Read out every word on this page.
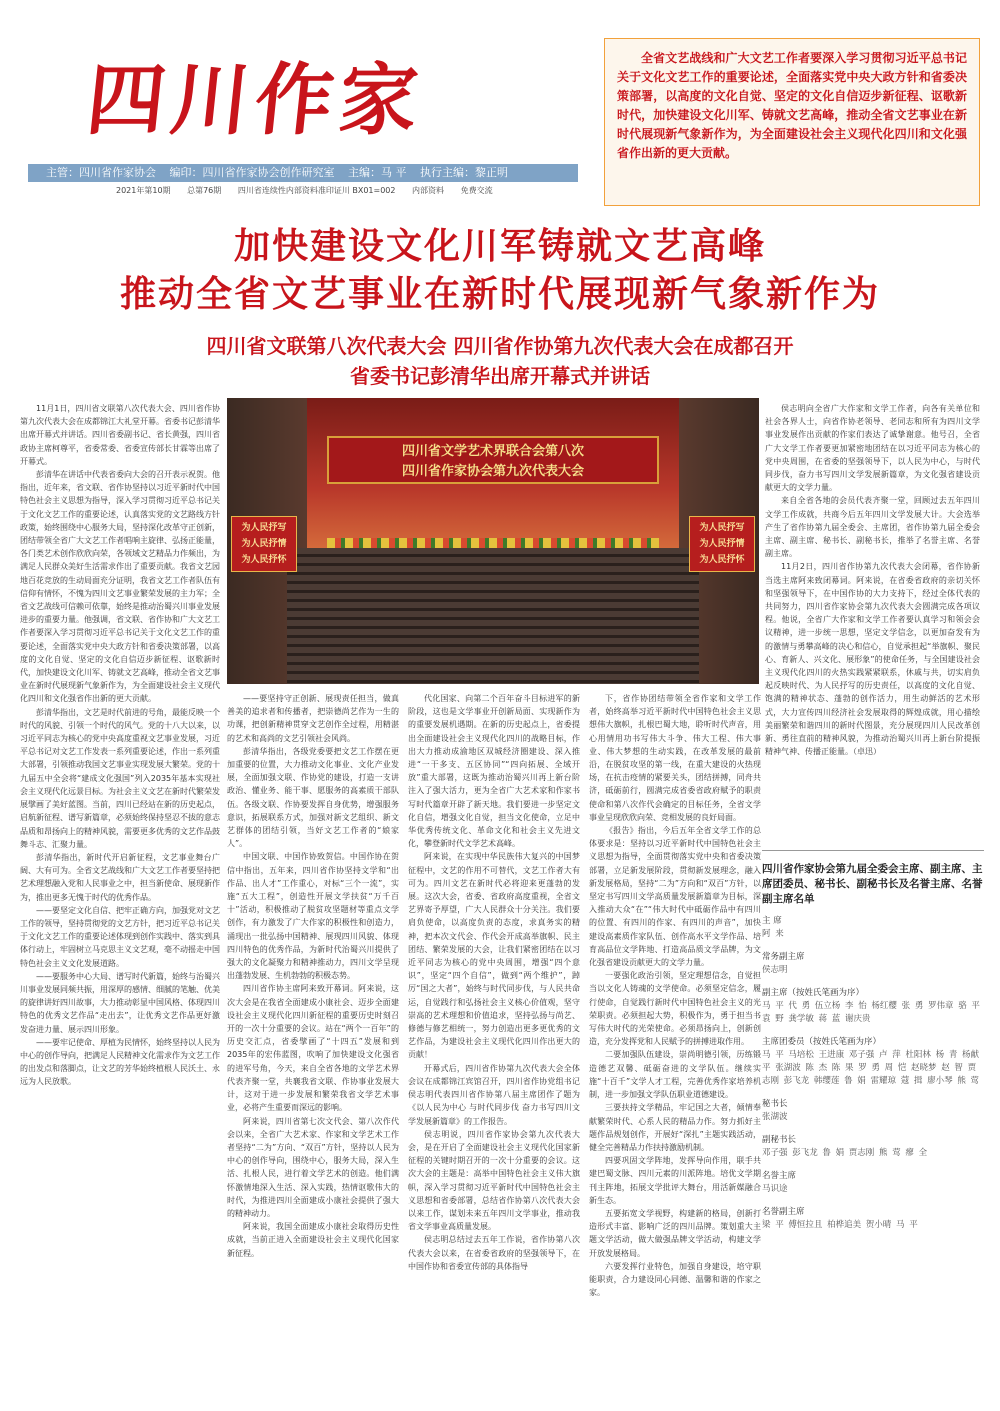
四川作家
主管：四川省作家协会 编印：四川省作家协会创作研究室 主编：马 平 执行主编：黎正明
2021年第10期 总第76期 四川省连续性内部资料准印证川 BX01=002 内部资料 免费交流

全省文艺战线和广大文艺工作者要深入学习贯彻习近平总书记关于文化文艺工作的重要论述，全面落实党中央大政方针和省委决策部署，以高度的文化自觉、坚定的文化自信迈步新征程、讴歌新时代，加快建设文化川军、铸就文艺高峰，推动全省文艺事业在新时代展现新气象新作为，为全面建设社会主义现代化四川和文化强省作出新的更大贡献。

加快建设文化川军铸就文艺高峰
推动全省文艺事业在新时代展现新气象新作为
四川省文联第八次代表大会 四川省作协第九次代表大会在成都召开
省委书记彭清华出席开幕式并讲话

11月1日，四川省文联第八次代表大会、四川省作协第九次代表大会在成都锦江大礼堂开幕。省委书记彭清华出席开幕式并讲话。四川省委副书记、省长黄强，四川省政协主席柯尊平，省委常委、省委宣传部长甘霖等出席了开幕式。

彭清华在讲话中代表省委向大会的召开表示祝贺。他指出，近年来，省文联、省作协坚持以习近平新时代中国特色社会主义思想为指导，深入学习贯彻习近平总书记关于文化文艺工作的重要论述，认真落实党的文艺路线方针政策，始终围绕中心服务大局，坚持深化改革守正创新，团结带领全省广大文艺工作者唱响主旋律、弘扬正能量，各门类艺术创作欣欣向荣，各领域文艺精品力作频出，为满足人民群众美好生活需求作出了重要贡献。我省文艺园地百花竞放的生动局面充分证明，我省文艺工作者队伍有信仰有情怀，不愧为四川文艺事业繁荣发展的主力军；全省文艺战线可信赖可依靠，始终是推动治蜀兴川事业发展进步的重要力量。他强调，省文联、省作协和广大文艺工作者要深入学习贯彻习近平总书记关于文化文艺工作的重要论述，全面落实党中央大政方针和省委决策部署，以高度的文化自觉、坚定的文化自信迈步新征程、讴歌新时代，加快建设文化川军、铸就文艺高峰，推动全省文艺事业在新时代展现新气象新作为，为全面建设社会主义现代化四川和文化强省作出新的更大贡献。

彭清华指出，文艺是时代前进的号角，最能反映一个时代的风貌、引领一个时代的风气。党的十八大以来，以习近平同志为核心的党中央高度重视文艺事业发展，习近平总书记对文艺工作发表一系列重要论述，作出一系列重大部署，引领推动我国文艺事业实现发展大繁荣。党的十九届五中全会将“建成文化强国”列入2035年基本实现社会主义现代化远景目标。为社会主义文艺在新时代繁荣发展擘画了美好蓝图。当前，四川已经站在新的历史起点，启航新征程、谱写新篇章，必须始终保持坚忍不拔的意志品质和昂扬向上的精神风貌，需要更多优秀的文艺作品鼓舞斗志、汇聚力量。

彭清华指出，新时代开启新征程，文艺事业舞台广阔、大有可为。全省文艺战线和广大文艺工作者要坚持把艺术理想融入党和人民事业之中，担当新使命、展现新作为，推出更多无愧于时代的优秀作品。

——要坚定文化自信、把牢正确方向，加强党对文艺工作的领导，坚持贯彻党的文艺方针，把习近平总书记关于文化文艺工作的重要论述体现到创作实践中、落实到具体行动上，牢固树立马克思主义文艺观，毫不动摇走中国特色社会主义文化发展道路。

——要服务中心大局、谱写时代新篇，始终与治蜀兴川事业发展同频共振，用深厚的感情、细腻的笔触、优美的旋律讲好四川故事，大力推动彰显中国风格、体现四川特色的优秀文艺作品“走出去”，让优秀文艺作品更好激发奋进力量、展示四川形象。

——要牢记使命、厚植为民情怀，始终坚持以人民为中心的创作导向，把满足人民精神文化需求作为文艺工作的出发点和落脚点，让文艺的芳华始终植根人民沃土、永远为人民放歌。

四川省文学艺术界联合会第八次
四川省作家协会第九次代表大会
为人民抒写
为人民抒情
为人民抒怀
为人民抒写
为人民抒情
为人民抒怀

——要坚持守正创新、展现责任担当，做真善美的追求者和传播者，把崇德尚艺作为一生的功课，把创新精神贯穿文艺创作全过程，用精湛的艺术和高尚的文艺引领社会风尚。

彭清华指出，各级党委要把文艺工作摆在更加重要的位置，大力推动文化事业、文化产业发展，全面加强文联、作协党的建设，打造一支讲政治、懂业务、能干事、愿服务的高素质干部队伍。各级文联、作协要发挥自身优势，增强服务意识，拓展联系方式，加强对新文艺组织、新文艺群体的团结引领，当好文艺工作者的“娘家人”。

中国文联、中国作协致贺信。中国作协在贺信中指出，五年来，四川省作协坚持文学和“出作品、出人才”工作重心，对标“三个一流”，实施“五大工程”，创造性开展文学扶贫“万千百十”活动，积极推动了脱贫攻坚题材等重点文学创作，有力激发了广大作家的积极性和创造力，涌现出一批弘扬中国精神、展现四川风貌、体现四川特色的优秀作品，为新时代治蜀兴川提供了强大的文化凝聚力和精神推动力，四川文学呈现出蓬勃发展、生机勃勃的积极态势。

四川省作协主席阿来致开幕词。阿来说，这次大会是在我省全面建成小康社会、迈步全面建设社会主义现代化四川新征程的重要历史时刻召开的一次十分重要的会议。站在“两个一百年”的历史交汇点，省委擘画了“十四五”发展和到2035年的宏伟蓝图，吹响了加快建设文化强省的进军号角，今天，来自全省各地的文学艺术界代表齐聚一堂，共襄我省文联、作协事业发展大计，这对于进一步发展和繁荣我省文学艺术事业，必将产生重要而深远的影响。

阿来说，四川省第七次文代会、第八次作代会以来，全省广大艺术家、作家和文学艺术工作者坚持“二为”方向、“双百”方针，坚持以人民为中心的创作导向，围绕中心，服务大局，深入生活、扎根人民，进行着文学艺术的创造。他们满怀激情地深入生活、深入实践，热情讴歌伟大的时代，为推进四川全面建成小康社会提供了强大的精神动力。

阿来说，我国全面建成小康社会取得历史性成就，当前正进入全面建设社会主义现代化国家新征程。

代化国家、向第二个百年奋斗目标进军的新阶段，这也是文学事业开创新局面、实现新作为的重要发展机遇期。在新的历史起点上，省委提出全面建设社会主义现代化四川的战略目标，作出大力推动成渝地区双城经济圈建设、深入推进“一干多支、五区协同”“四向拓展、全域开放”重大部署，这既为推动治蜀兴川再上新台阶注入了强大活力，更为全省广大艺术家和作家书写时代篇章开辟了新天地。我们要进一步坚定文化自信，增强文化自觉，担当文化使命，立足中华优秀传统文化、革命文化和社会主义先进文化，攀登新时代文学艺术高峰。

阿来说，在实现中华民族伟大复兴的中国梦征程中，文艺的作用不可替代，文艺工作者大有可为。四川文艺在新时代必将迎来更蓬勃的发展。这次大会，省委、省政府高度重视，全省文艺界寄予厚望，广大人民群众十分关注。我们要肩负使命，以高度负责的态度，求真务实的精神，把本次文代会、作代会开成高举旗帜、民主团结、繁荣发展的大会，让我们紧密团结在以习近平同志为核心的党中央周围，增强“四个意识”，坚定“四个自信”，做到“两个维护”，踔厉“国之大者”，始终与时代同步伐，与人民共命运，自觉践行和弘扬社会主义核心价值观，坚守崇高的艺术理想和价值追求，坚持弘扬与尚艺、修德与修艺相统一，努力创造出更多更优秀的文艺作品，为建设社会主义现代化四川作出更大的贡献！

开幕式后，四川省作协第九次代表大会全体会议在成都锦江宾馆召开，四川省作协党组书记侯志明代表四川省作协第八届主席团作了题为《以人民为中心 与时代同步伐 奋力书写四川文学发展新篇章》的工作报告。

侯志明说，四川省作家协会第九次代表大会，是在开启了全面建设社会主义现代化国家新征程的关键时期召开的一次十分重要的会议。这次大会的主题是：高举中国特色社会主义伟大旗帜，深入学习贯彻习近平新时代中国特色社会主义思想和省委部署，总结省作协第八次代表大会以来工作，谋划未来五年四川文学事业，推动我省文学事业高质量发展。

侯志明总结过去五年工作说，省作协第八次代表大会以来，在省委省政府的坚强领导下，在中国作协和省委宣传部的具体指导

下，省作协团结带领全省作家和文学工作者，始终高举习近平新时代中国特色社会主义思想伟大旗帜，扎根巴蜀大地，聆听时代声音，用心用情用功书写伟大斗争、伟大工程、伟大事业、伟大梦想的生动实践，在改革发展的最前沿，在脱贫攻坚的第一线，在重大建设的火热现场，在抗击疫情的紧要关头，团结拼搏，同舟共济，砥砺前行，圆满完成省委省政府赋予的职责使命和第八次作代会确定的目标任务，全省文学事业呈现欣欣向荣、竞相发展的良好局面。

《报告》指出，今后五年全省文学工作的总体要求是：坚持以习近平新时代中国特色社会主义思想为指导，全面贯彻落实党中央和省委决策部署，立足新发展阶段，贯彻新发展理念，融入新发展格局，坚持“二为”方向和“双百”方针，以坚定书写四川文学高质量发展新篇章为目标，深入推动大众“在”“伟大时代中砥砺作品中有四川的位置、有四川的作家、有四川的声音”，加快建设高素质作家队伍、创作高水平文学作品、培育高品位文学阵地、打造高品质文学品牌，为文化强省建设贡献更大的文学力量。

一要强化政治引领，坚定理想信念，自觉担当以文化人铸魂的文学使命。必须坚定信念，履行使命，自觉践行新时代中国特色社会主义的光荣职责。必须担起大势，积极作为，勇于担当书写伟大时代的光荣使命。必须昂扬向上，创新创造，充分发挥党和人民赋予的拼搏进取作用。

二要加强队伍建设，崇尚明德引领，历练锻造德艺双馨、砥砺奋进的文学队伍。继续实施“十百千”文学人才工程，完善优秀作家培养机制，进一步加强文学队伍职业道德建设。

三要扶持文学精品，牢记国之大者，倾情奉献繁荣时代、心系人民的精品力作。努力抓好主题作品规划创作，开展好“深扎”主题实践活动，健全完善精品力作扶持激励机制。

四要巩固文学阵地，发挥导向作用，联手共建巴蜀文脉、四川元素的川派阵地。培优文学期刊主阵地，拓展文学批评大舞台，用活新媒融合新生态。

五要拓宽文学视野，构建新的格局，创新打造形式丰富、影响广泛的四川品牌。策划重大主题文学活动，做大做强品牌文学活动，构建文学开放发展格局。

六要发挥行业特色，加强自身建设，培守职能职责，合力建设同心同德、温馨和谐的作家之家。

侯志明向全省广大作家和文学工作者，向各有关单位和社会各界人士，向省作协老领导、老同志和所有为四川文学事业发展作出贡献的作家们表达了诚挚谢意。他号召，全省广大文学工作者要更加紧密地团结在以习近平同志为核心的党中央周围，在省委的坚强领导下，以人民为中心，与时代同步伐，奋力书写四川文学发展新篇章，为文化强省建设贡献更大的文学力量。

来自全省各地的会员代表齐聚一堂，回顾过去五年四川文学工作成就，共商今后五年四川文学发展大计。大会选举产生了省作协第九届全委会、主席团，省作协第九届全委会主席、副主席、秘书长、副秘书长，推举了名誉主席、名誉副主席。

11月2日，四川省作协第九次代表大会闭幕，省作协新当选主席阿来致闭幕词。阿来说，在省委省政府的亲切关怀和坚强领导下，在中国作协的大力支持下，经过全体代表的共同努力，四川省作家协会第九次代表大会圆满完成各项议程。他说，全省广大作家和文学工作者要认真学习和领会会议精神，进一步统一思想，坚定文学信念，以更加奋发有为的激情与勇攀高峰的决心和信心，自觉承担起“举旗帜、聚民心、育新人、兴文化、展形象”的使命任务，与全国建设社会主义现代化四川的火热实践紧紧联系，休戚与共，切实肩负起反映时代、为人民抒写的历史责任，以高度的文化自觉、饱满的精神状态、蓬勃的创作活力，用生动鲜活的艺术形式，大力宣传四川经济社会发展取得的辉煌成就，用心描绘美丽繁荣和谐四川的新时代图景，充分展现四川人民改革创新、勇往直前的精神风貌，为推动治蜀兴川再上新台阶提振精神气神、传播正能量。（卓迅）

四川省作家协会第九届全委会主席、副主席、主席团委员、秘书长、副秘书长及名誉主席、名誉副主席名单
主 席
阿 来
常务副主席
侯志明
副主席（按姓氏笔画为序）
马 平 代 勇 伍立杨 李 怡 杨红樱 张 勇 罗伟章 骆 平 袁 野 龚学敏 蒋 蓝 谢庆贵
主席团委员（按姓氏笔画为序）
马 平 马培松 王进康 邓子强 卢 萍 杜阳林 杨 青 杨献平 张湖波 陈 杰 陈 果 罗 勇 周 恺 赵晓梦 赵 智 贾志刚 彭飞龙 韩缨莲 鲁 娟 雷耀琼 蔻 揖 廖小琴 熊 莺
秘书长
张湖波
副秘书长
邓子强 彭飞龙 鲁 娟 贾志刚 熊 莺 瘳 全
名誉主席
马识途
名誉副主席
梁 平 傅恒拉且 柏桦追美 贺小晴 马 平
